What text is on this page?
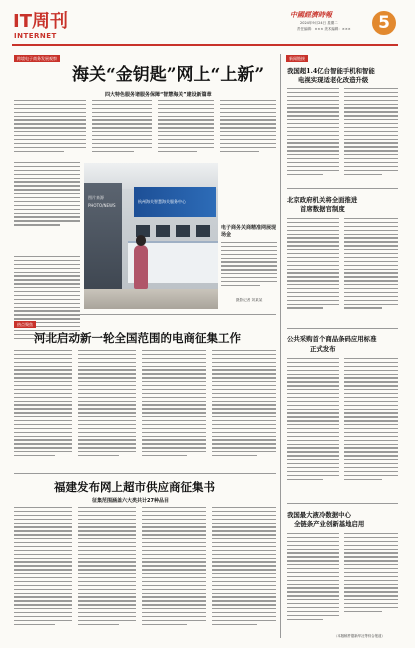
IT周刊
INTERNET
中國經濟時報
2024年9月24日 星期二
责任编辑：××× 美术编辑：×××	5
跨境电子商务发展观察
海关“金钥匙”网上“上新”
四大特色服务诸服务保障“智慧海关”建设新篇章
图片来源
PHOTO/NEWS
杭州海关智慧海关服务中心
电子商务关商精准网展现场金
摄影记者 刘某某
热点聚焦
河北启动新一轮全国范围的电商征集工作
福建发布网上超市供应商征集书
征集范围涵盖六大类共计27种品目
新闻链接
我国超1.4亿台智能手机和智能
电视实现适老化改造升级
北京政府机关将全面推进
首席数据官制度
公共采购首个商品条码应用标准
正式发布
我国最大液冷数据中心
全链条产业创新基地启用
（本版稿件据新华社等综合报道）
